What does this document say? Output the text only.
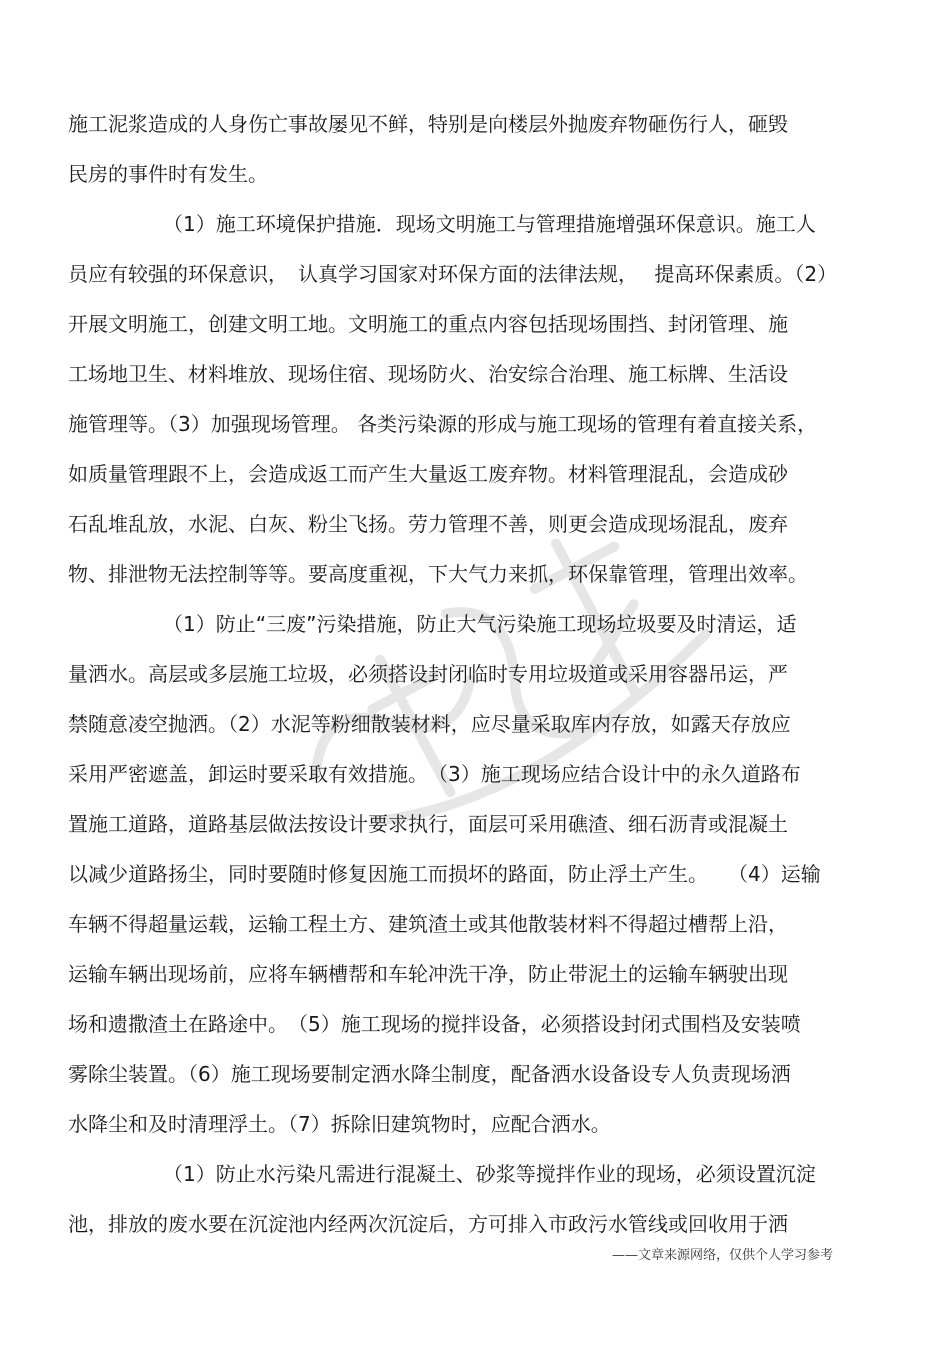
施工泥浆造成的人身伤亡事故屡见不鲜，特别是向楼层外抛废弃物砸伤行人，砸毁

民房的事件时有发生。

（1）施工环境保护措施．现场文明施工与管理措施增强环保意识。施工人

员应有较强的环保意识，　认真学习国家对环保方面的法律法规，　 提高环保素质。（2）

开展文明施工，创建文明工地。文明施工的重点内容包括现场围挡、封闭管理、施

工场地卫生、材料堆放、现场住宿、现场防火、治安综合治理、施工标牌、生活设

施管理等。（3）加强现场管理。 各类污染源的形成与施工现场的管理有着直接关系，

如质量管理跟不上，会造成返工而产生大量返工废弃物。材料管理混乱，会造成砂

石乱堆乱放，水泥、白灰、粉尘飞扬。劳力管理不善，则更会造成现场混乱，废弃

物、排泄物无法控制等等。要高度重视，下大气力来抓，环保靠管理，管理出效率。

（1）防止“三废”污染措施，防止大气污染施工现场垃圾要及时清运，适

量洒水。高层或多层施工垃圾，必须搭设封闭临时专用垃圾道或采用容器吊运，严

禁随意凌空抛洒。（2）水泥等粉细散装材料，应尽量采取库内存放，如露天存放应

采用严密遮盖，卸运时要采取有效措施。　（3）施工现场应结合设计中的永久道路布

置施工道路，道路基层做法按设计要求执行，面层可采用礁渣、细石沥青或混凝土

以减少道路扬尘，同时要随时修复因施工而损坏的路面，防止浮土产生。　　（4）运输

车辆不得超量运载，运输工程土方、建筑渣土或其他散装材料不得超过槽帮上沿，

运输车辆出现场前，应将车辆槽帮和车轮冲洗干净，防止带泥土的运输车辆驶出现

场和遗撒渣土在路途中。　（5）施工现场的搅拌设备，必须搭设封闭式围档及安装喷

雾除尘装置。（6）施工现场要制定洒水降尘制度，配备洒水设备设专人负责现场洒

水降尘和及时清理浮土。（7）拆除旧建筑物时，应配合洒水。

（1）防止水污染凡需进行混凝土、砂浆等搅拌作业的现场，必须设置沉淀

池，排放的废水要在沉淀池内经两次沉淀后，方可排入市政污水管线或回收用于洒

——文章来源网络，仅供个人学习参考
